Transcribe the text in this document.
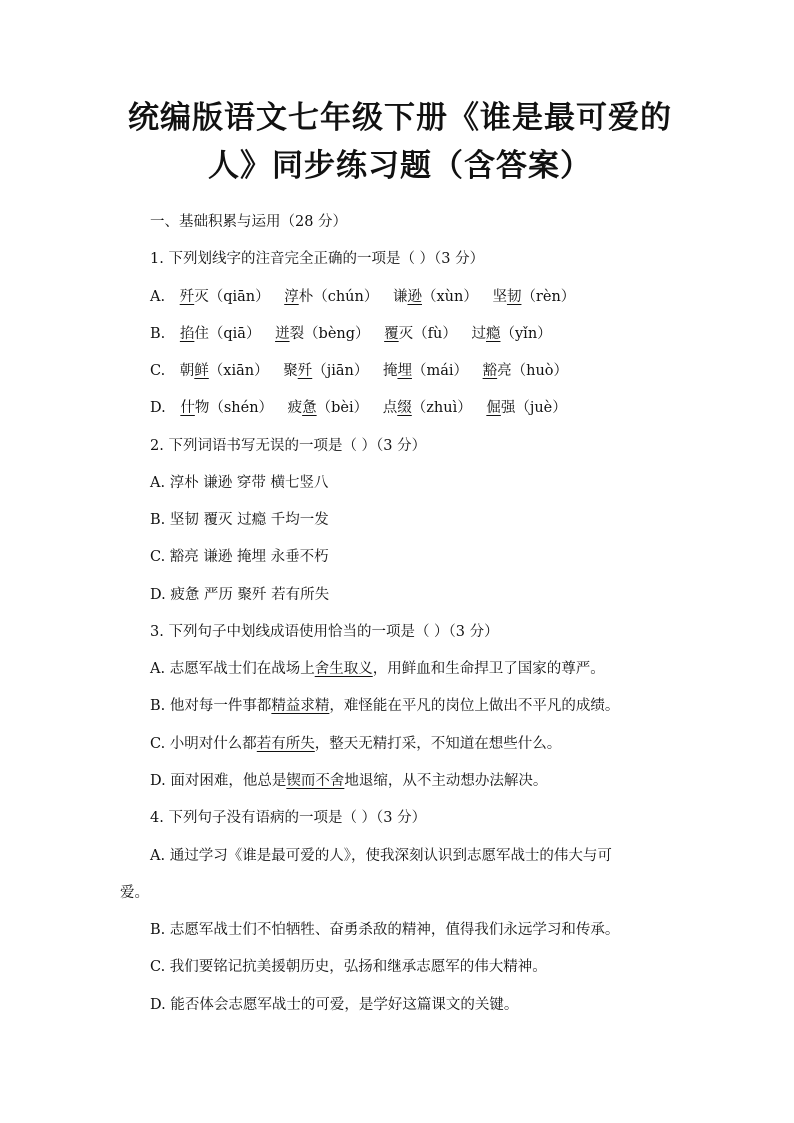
统编版语文七年级下册《谁是最可爱的
人》同步练习题（含答案）
一、基础积累与运用（28 分）
1. 下列划线字的注音完全正确的一项是（ ）（3 分）
A. 歼灭（qiān） 淳朴（chún） 谦逊（xùn） 坚韧（rèn）
B. 掐住（qiā） 迸裂（bèng） 覆灭（fù） 过瘾（yǐn）
C. 朝鲜（xiān） 聚歼（jiān） 掩埋（mái） 豁亮（huò）
D. 什物（shén） 疲惫（bèi） 点缀（zhuì） 倔强（juè）
2. 下列词语书写无误的一项是（ ）（3 分）
A. 淳朴 谦逊 穿带 横七竖八
B. 坚韧 覆灭 过瘾 千均一发
C. 豁亮 谦逊 掩埋 永垂不朽
D. 疲惫 严历 聚歼 若有所失
3. 下列句子中划线成语使用恰当的一项是（ ）（3 分）
A. 志愿军战士们在战场上舍生取义，用鲜血和生命捍卫了国家的尊严。
B. 他对每一件事都精益求精，难怪能在平凡的岗位上做出不平凡的成绩。
C. 小明对什么都若有所失，整天无精打采，不知道在想些什么。
D. 面对困难，他总是锲而不舍地退缩，从不主动想办法解决。
4. 下列句子没有语病的一项是（ ）（3 分）
A. 通过学习《谁是最可爱的人》，使我深刻认识到志愿军战士的伟大与可
爱。
B. 志愿军战士们不怕牺牲、奋勇杀敌的精神，值得我们永远学习和传承。
C. 我们要铭记抗美援朝历史，弘扬和继承志愿军的伟大精神。
D. 能否体会志愿军战士的可爱，是学好这篇课文的关键。
